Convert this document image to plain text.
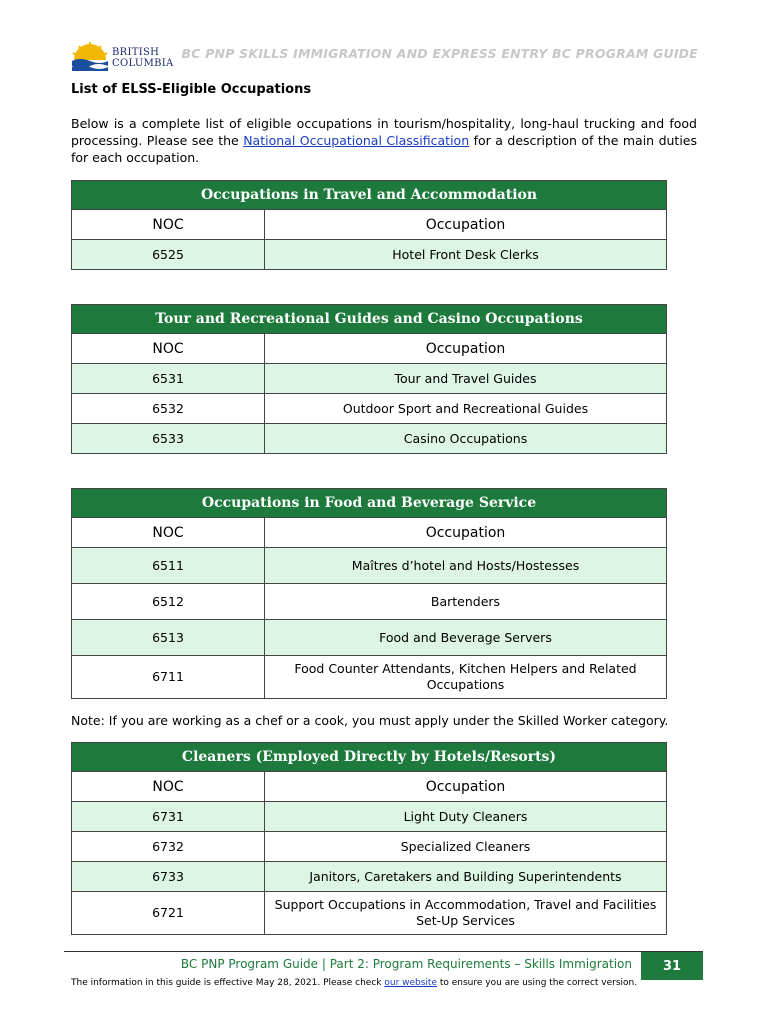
BRITISH
COLUMBIA
BC PNP SKILLS IMMIGRATION AND EXPRESS ENTRY BC PROGRAM GUIDE
List of ELSS-Eligible Occupations

Below is a complete list of eligible occupations in tourism/hospitality, long-haul trucking and food processing. Please see the National Occupational Classification for a description of the main duties for each occupation.

Occupations in Travel and Accommodation	
NOC	Occupation
6525	Hotel Front Desk Clerks
Tour and Recreational Guides and Casino Occupations	
NOC	Occupation
6531	Tour and Travel Guides
6532	Outdoor Sport and Recreational Guides
6533	Casino Occupations
Occupations in Food and Beverage Service	
NOC	Occupation
6511	Maîtres d’hotel and Hosts/Hostesses
6512	Bartenders
6513	Food and Beverage Servers
6711	Food Counter Attendants, Kitchen Helpers and Related
Occupations
Note: If you are working as a chef or a cook, you must apply under the Skilled Worker category.
Cleaners (Employed Directly by Hotels/Resorts)	
NOC	Occupation
6731	Light Duty Cleaners
6732	Specialized Cleaners
6733	Janitors, Caretakers and Building Superintendents
6721	Support Occupations in Accommodation, Travel and Facilities
Set-Up Services
BC PNP Program Guide | Part 2: Program Requirements – Skills Immigration	31
The information in this guide is effective May 28, 2021. Please check our website to ensure you are using the correct version.
